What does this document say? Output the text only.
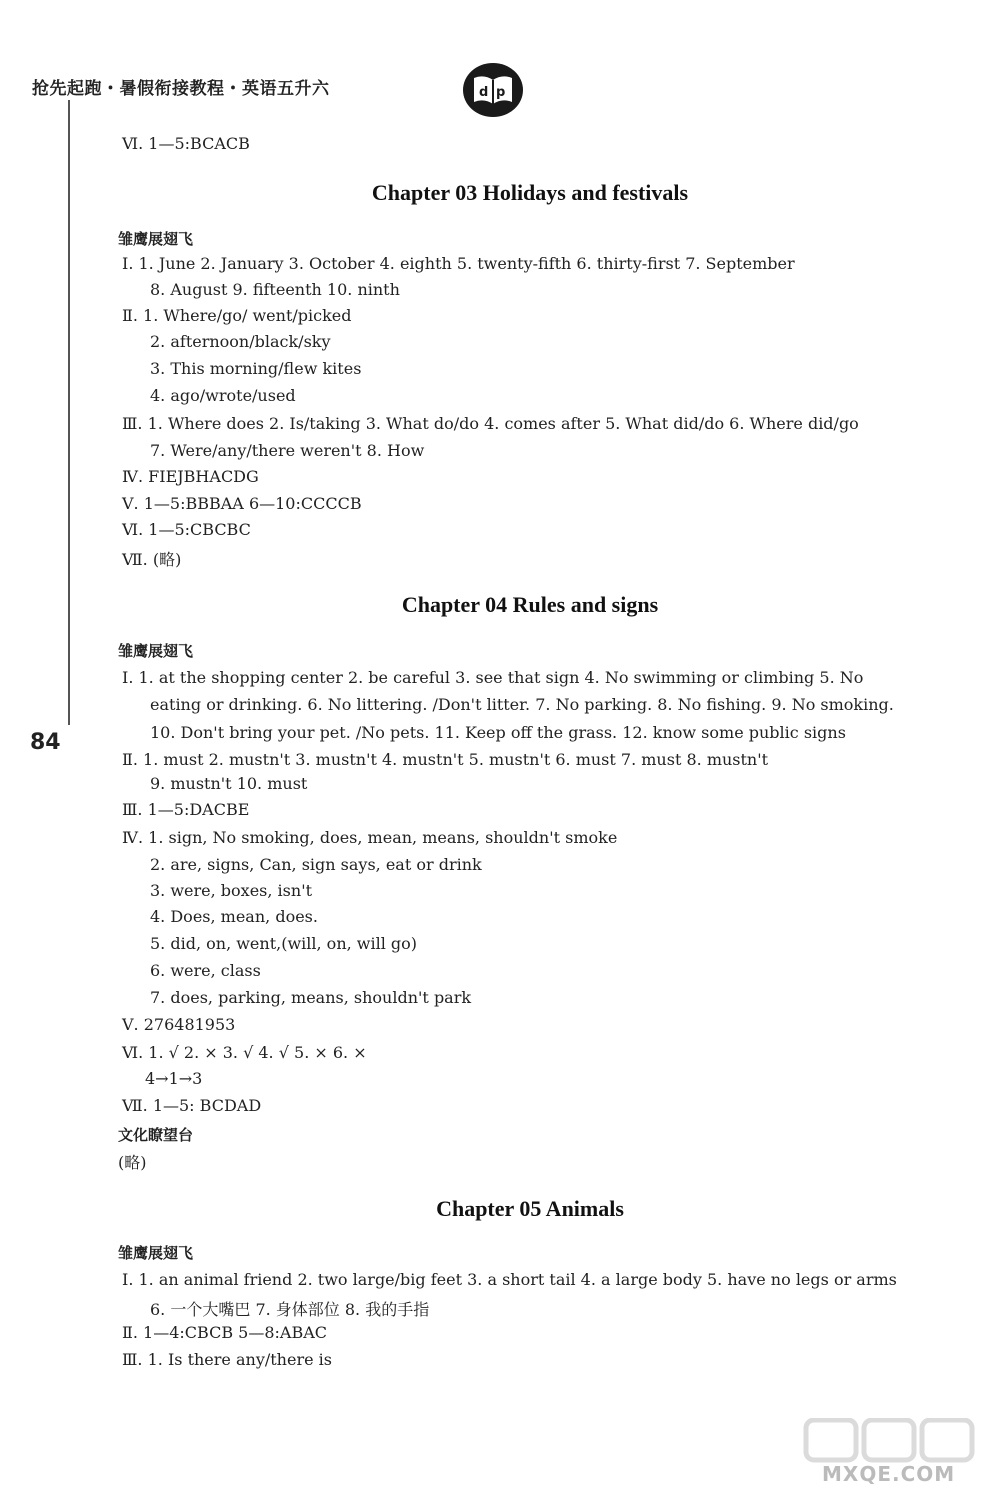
抢先起跑・暑假衔接教程・英语五升六	d p
84
Ⅵ. 1—5:BCACB
Chapter 03 Holidays and festivals
雏鹰展翅飞
Ⅰ. 1. June 2. January 3. October 4. eighth 5. twenty-fifth 6. thirty-first 7. September
8. August 9. fifteenth 10. ninth
Ⅱ. 1. Where/go/ went/picked
2. afternoon/black/sky
3. This morning/flew kites
4. ago/wrote/used
Ⅲ. 1. Where does 2. Is/taking 3. What do/do 4. comes after 5. What did/do 6. Where did/go
7. Were/any/there weren't 8. How
Ⅳ. FIEJBHACDG
Ⅴ. 1—5:BBBAA 6—10:CCCCB
Ⅵ. 1—5:CBCBC
Ⅶ. (略)
Chapter 04 Rules and signs
雏鹰展翅飞
Ⅰ. 1. at the shopping center 2. be careful 3. see that sign 4. No swimming or climbing 5. No
eating or drinking. 6. No littering. /Don't litter. 7. No parking. 8. No fishing. 9. No smoking.
10. Don't bring your pet. /No pets. 11. Keep off the grass. 12. know some public signs
Ⅱ. 1. must 2. mustn't 3. mustn't 4. mustn't 5. mustn't 6. must 7. must 8. mustn't
9. mustn't 10. must
Ⅲ. 1—5:DACBE
Ⅳ. 1. sign, No smoking, does, mean, means, shouldn't smoke
2. are, signs, Can, sign says, eat or drink
3. were, boxes, isn't
4. Does, mean, does.
5. did, on, went,(will, on, will go)
6. were, class
7. does, parking, means, shouldn't park
Ⅴ. 276481953
Ⅵ. 1. √ 2. × 3. √ 4. √ 5. × 6. ×
4→1→3
Ⅶ. 1—5: BCDAD
文化瞭望台
(略)
Chapter 05 Animals
雏鹰展翅飞
Ⅰ. 1. an animal friend 2. two large/big feet 3. a short tail 4. a large body 5. have no legs or arms
6. 一个大嘴巴 7. 身体部位 8. 我的手指
Ⅱ. 1—4:CBCB 5—8:ABAC
Ⅲ. 1. Is there any/there is
MXQE.COM
